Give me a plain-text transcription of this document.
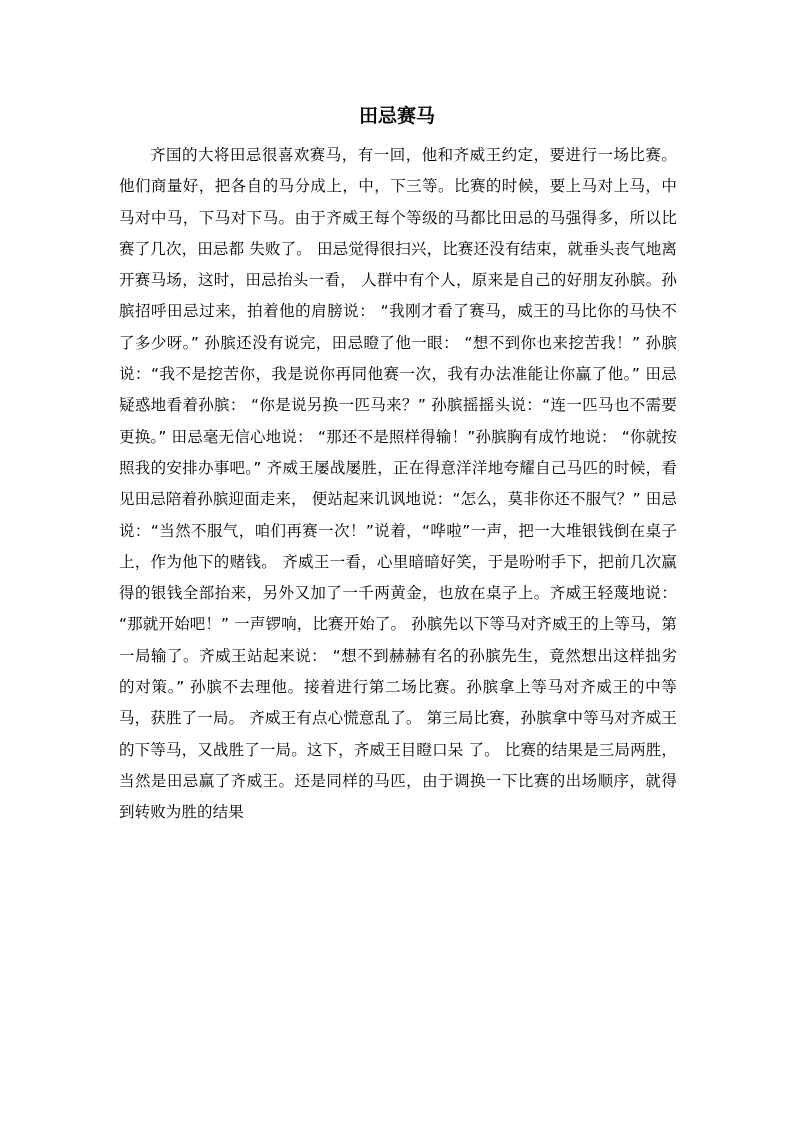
田忌赛马

齐国的大将田忌很喜欢赛马，有一回，他和齐威王约定，要进行一场比赛。他们商量好，把各自的马分成上，中，下三等。比赛的时候，要上马对上马，中马对中马，下马对下马。由于齐威王每个等级的马都比田忌的马强得多，所以比赛了几次，田忌都 失败了。 田忌觉得很扫兴，比赛还没有结束，就垂头丧气地离开赛马场，这时，田忌抬头一看， 人群中有个人，原来是自己的好朋友孙膑。孙膑招呼田忌过来，拍着他的肩膀说： “我刚才看了赛马，威王的马比你的马快不了多少呀。” 孙膑还没有说完，田忌瞪了他一眼： “想不到你也来挖苦我！” 孙膑说：“我不是挖苦你，我是说你再同他赛一次，我有办法准能让你赢了他。” 田忌疑惑地看着孙膑： “你是说另换一匹马来？” 孙膑摇摇头说：“连一匹马也不需要更换。” 田忌毫无信心地说： “那还不是照样得输！”孙膑胸有成竹地说： “你就按照我的安排办事吧。” 齐威王屡战屡胜，正在得意洋洋地夸耀自己马匹的时候，看见田忌陪着孙膑迎面走来， 便站起来讥讽地说：“怎么，莫非你还不服气？” 田忌说：“当然不服气，咱们再赛一次！”说着，“哗啦”一声，把一大堆银钱倒在桌子上，作为他下的赌钱。 齐威王一看，心里暗暗好笑，于是吩咐手下，把前几次赢得的银钱全部抬来，另外又加了一千两黄金，也放在桌子上。齐威王轻蔑地说： “那就开始吧！” 一声锣响，比赛开始了。 孙膑先以下等马对齐威王的上等马，第一局输了。齐威王站起来说： “想不到赫赫有名的孙膑先生，竟然想出这样拙劣的对策。” 孙膑不去理他。接着进行第二场比赛。孙膑拿上等马对齐威王的中等马，获胜了一局。 齐威王有点心慌意乱了。 第三局比赛，孙膑拿中等马对齐威王的下等马，又战胜了一局。这下，齐威王目瞪口呆 了。 比赛的结果是三局两胜，当然是田忌赢了齐威王。还是同样的马匹，由于调换一下比赛的出场顺序，就得到转败为胜的结果
